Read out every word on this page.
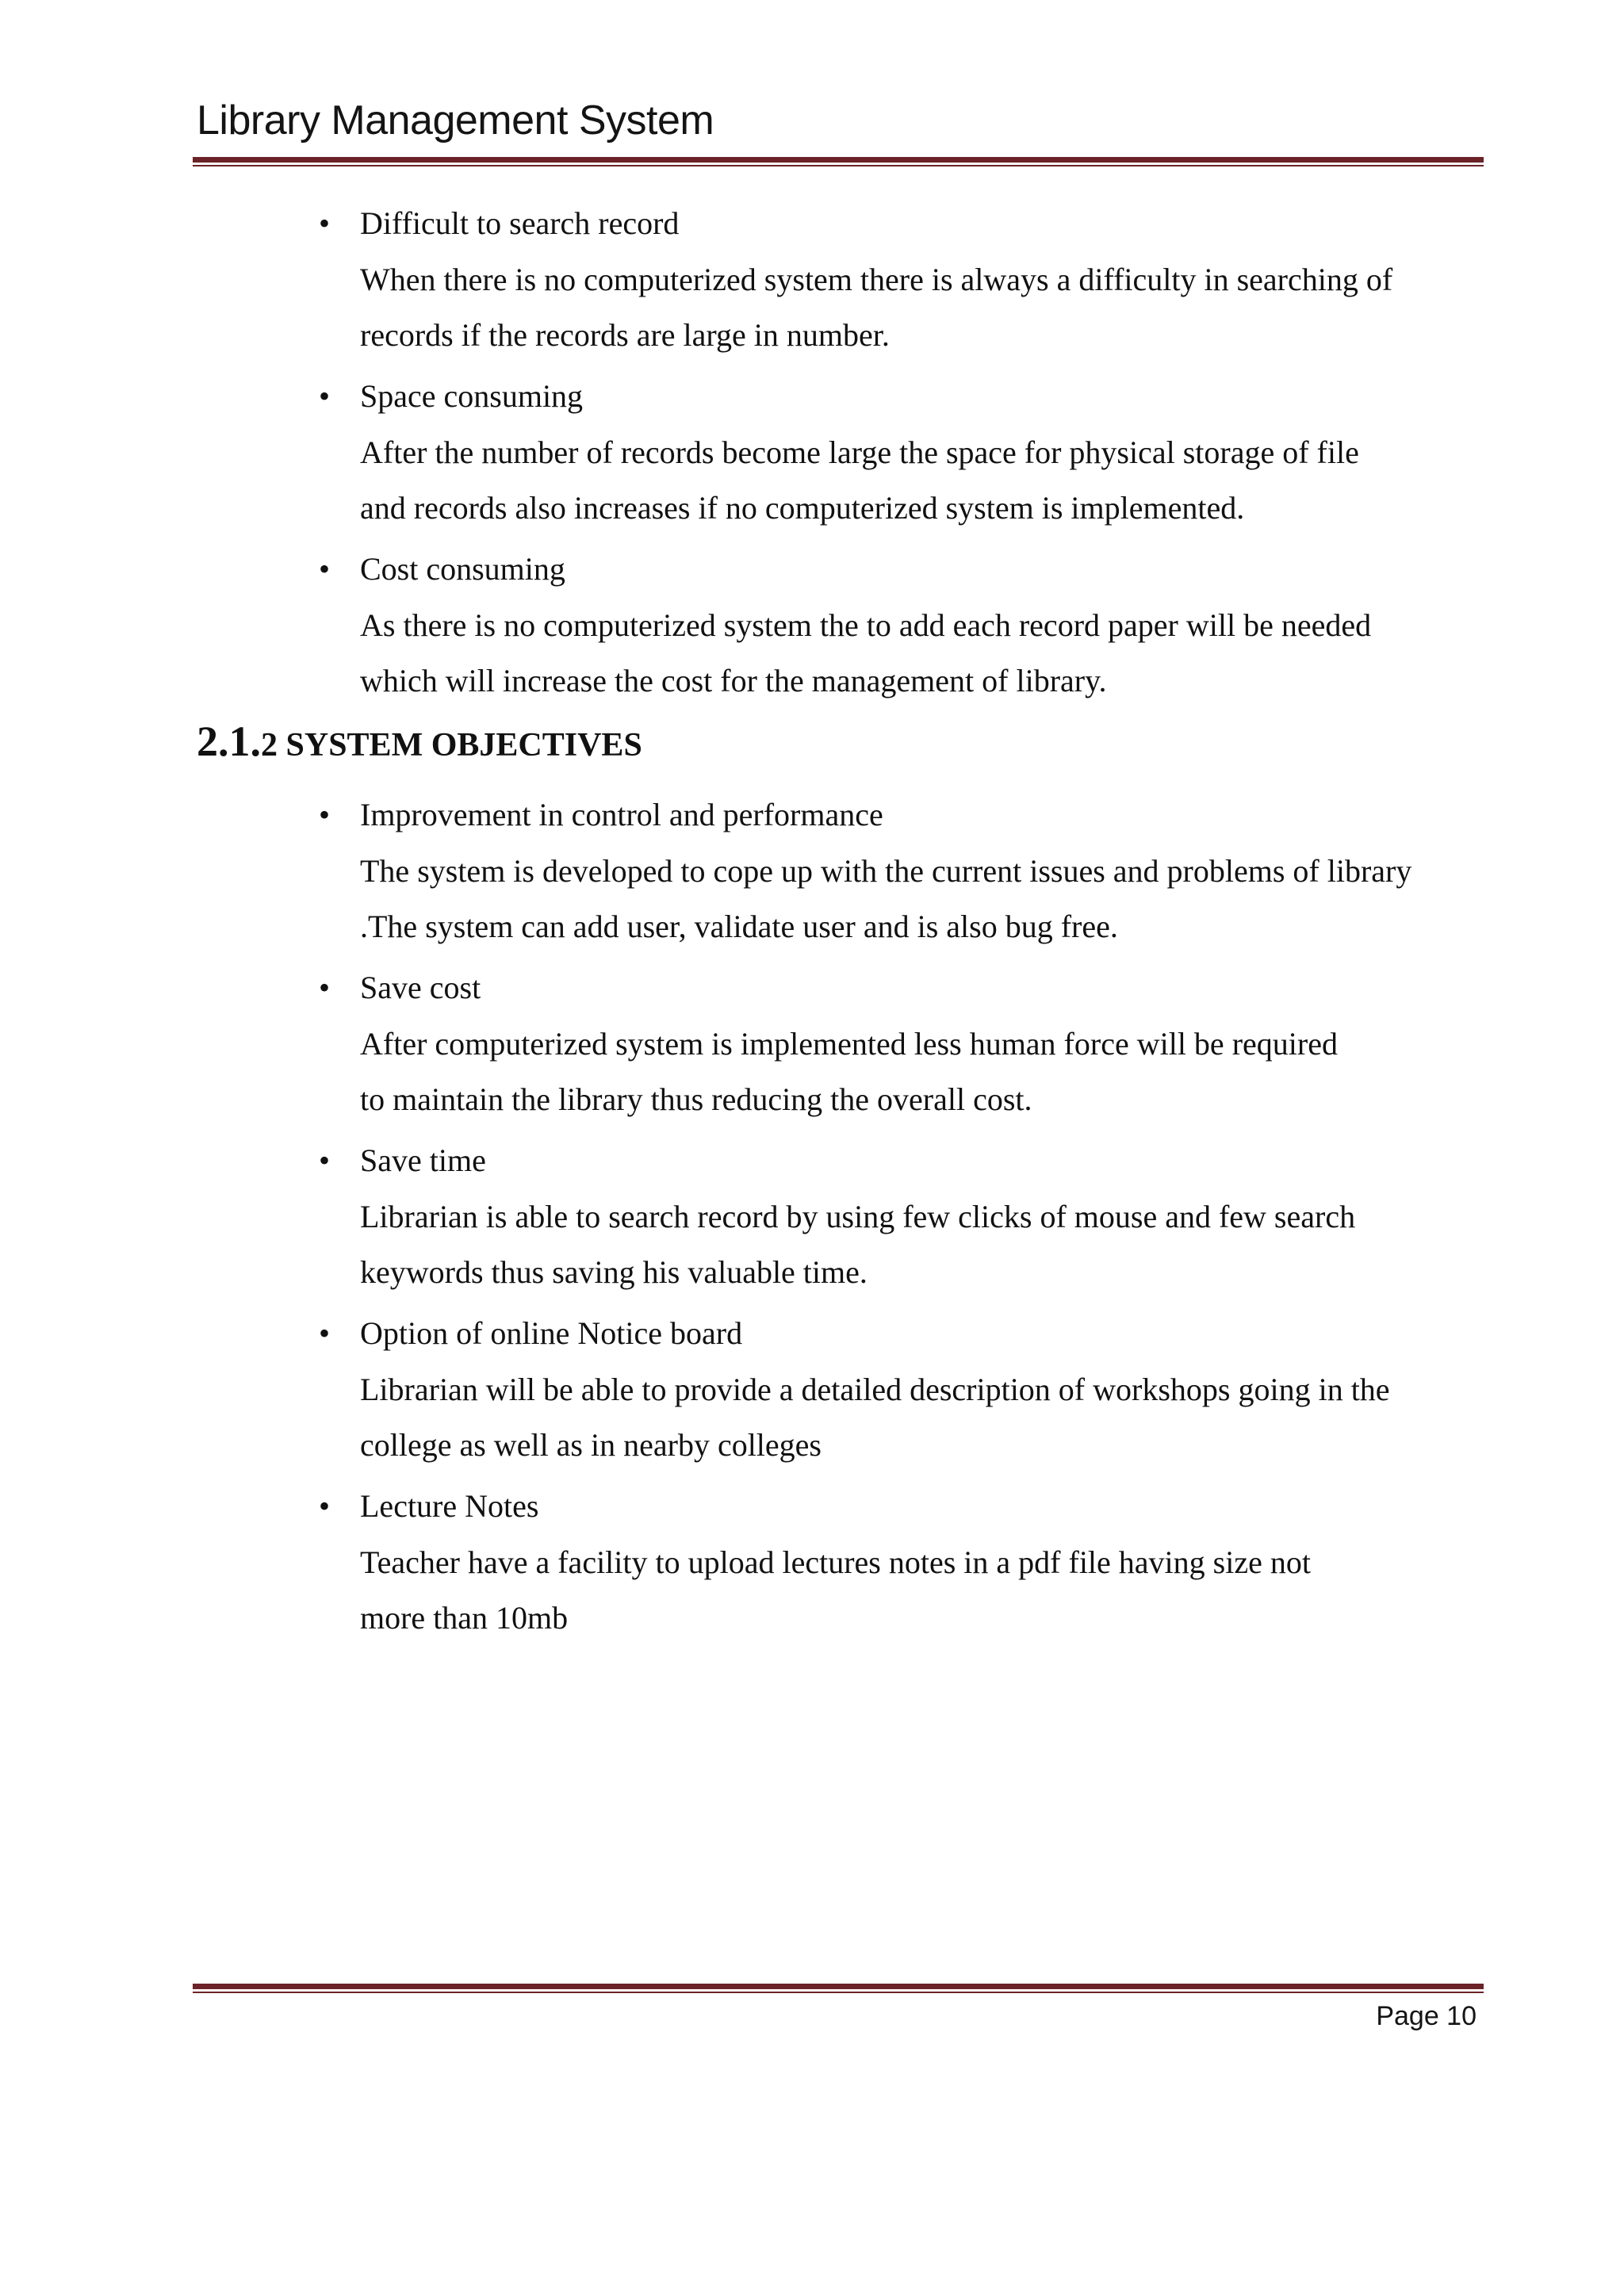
Library Management System
• Difficult to search record
When there is no computerized system there is always a difficulty in searching of
records if the records are large in number.
• Space consuming
After the number of records become large the space for physical storage of file
and records also increases if no computerized system is implemented.
• Cost consuming
As there is no computerized system the to add each record paper will be needed
which will increase the cost for the management of library.
2.1.2 SYSTEM OBJECTIVES
• Improvement in control and performance
The system is developed to cope up with the current issues and problems of library
.The system can add user, validate user and is also bug free.
• Save cost
After computerized system is implemented less human force will be required
to maintain the library thus reducing the overall cost.
• Save time
Librarian is able to search record by using few clicks of mouse and few search
keywords thus saving his valuable time.
• Option of online Notice board
Librarian will be able to provide a detailed description of workshops going in the
college as well as in nearby colleges
• Lecture Notes
Teacher have a facility to upload lectures notes in a pdf file having size not
more than 10mb
Page 10
